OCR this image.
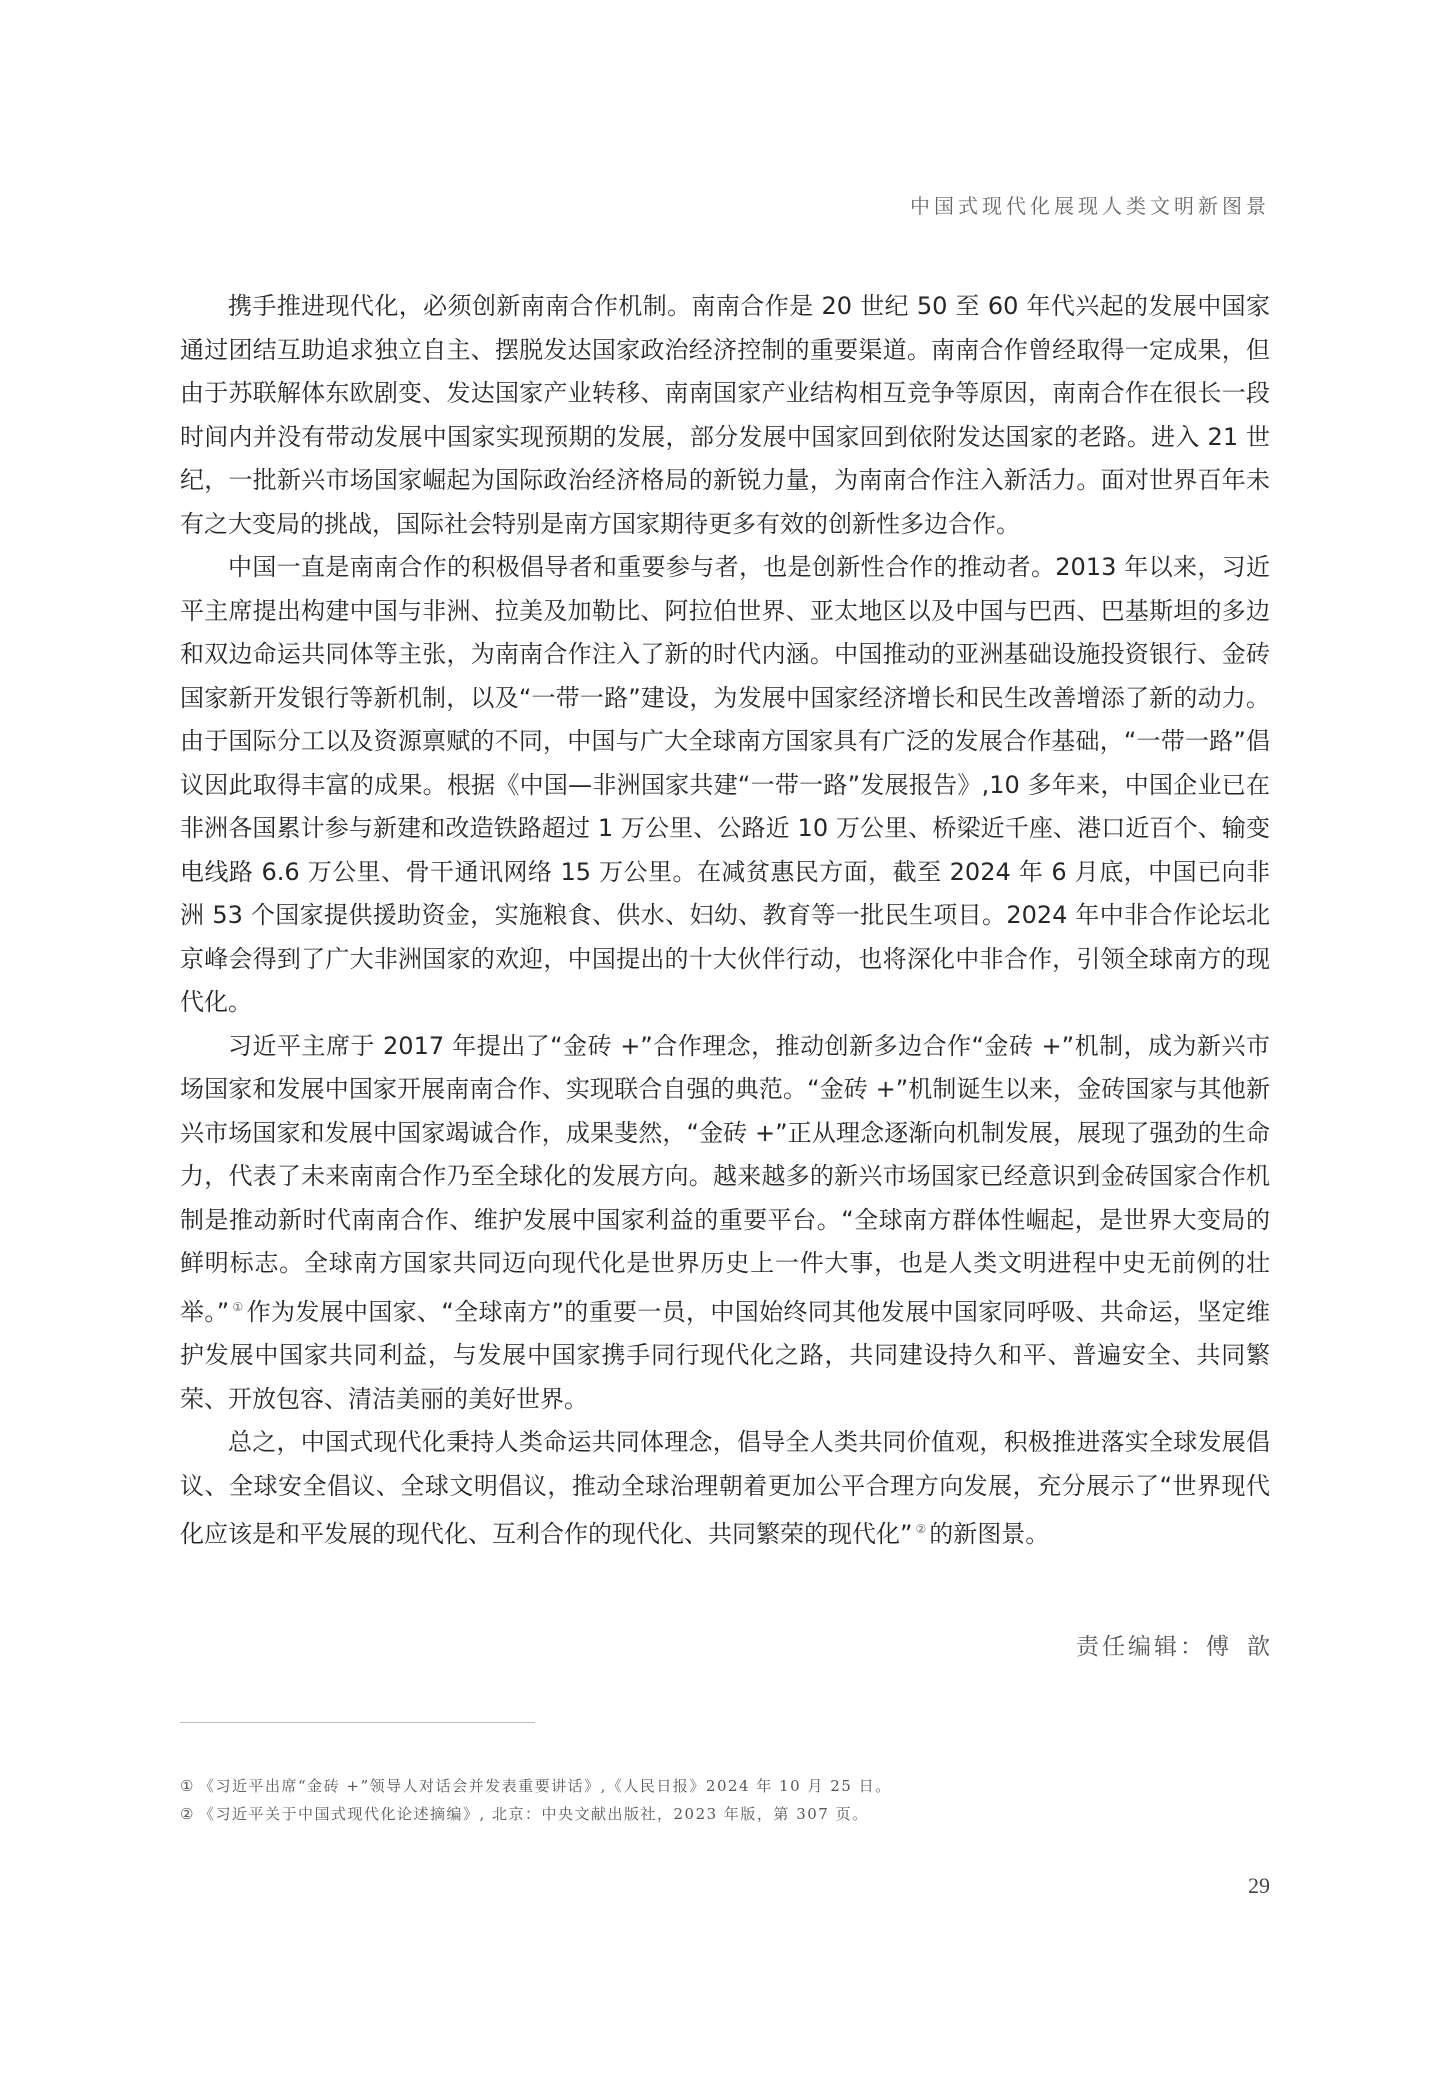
中国式现代化展现人类文明新图景

携手推进现代化，必须创新南南合作机制。南南合作是 20 世纪 50 至 60 年代兴起的发展中国家通过团结互助追求独立自主、摆脱发达国家政治经济控制的重要渠道。南南合作曾经取得一定成果，但由于苏联解体东欧剧变、发达国家产业转移、南南国家产业结构相互竞争等原因，南南合作在很长一段时间内并没有带动发展中国家实现预期的发展，部分发展中国家回到依附发达国家的老路。进入 21 世纪，一批新兴市场国家崛起为国际政治经济格局的新锐力量，为南南合作注入新活力。面对世界百年未有之大变局的挑战，国际社会特别是南方国家期待更多有效的创新性多边合作。

中国一直是南南合作的积极倡导者和重要参与者，也是创新性合作的推动者。2013 年以来，习近平主席提出构建中国与非洲、拉美及加勒比、阿拉伯世界、亚太地区以及中国与巴西、巴基斯坦的多边和双边命运共同体等主张，为南南合作注入了新的时代内涵。中国推动的亚洲基础设施投资银行、金砖国家新开发银行等新机制，以及“一带一路”建设，为发展中国家经济增长和民生改善增添了新的动力。由于国际分工以及资源禀赋的不同，中国与广大全球南方国家具有广泛的发展合作基础，“一带一路”倡议因此取得丰富的成果。根据《中国—非洲国家共建“一带一路”发展报告》,10 多年来，中国企业已在非洲各国累计参与新建和改造铁路超过 1 万公里、公路近 10 万公里、桥梁近千座、港口近百个、输变电线路 6.6 万公里、骨干通讯网络 15 万公里。在减贫惠民方面，截至 2024 年 6 月底，中国已向非洲 53 个国家提供援助资金，实施粮食、供水、妇幼、教育等一批民生项目。2024 年中非合作论坛北京峰会得到了广大非洲国家的欢迎，中国提出的十大伙伴行动，也将深化中非合作，引领全球南方的现代化。

习近平主席于 2017 年提出了“金砖 +”合作理念，推动创新多边合作“金砖 +”机制，成为新兴市场国家和发展中国家开展南南合作、实现联合自强的典范。“金砖 +”机制诞生以来，金砖国家与其他新兴市场国家和发展中国家竭诚合作，成果斐然，“金砖 +”正从理念逐渐向机制发展，展现了强劲的生命力，代表了未来南南合作乃至全球化的发展方向。越来越多的新兴市场国家已经意识到金砖国家合作机制是推动新时代南南合作、维护发展中国家利益的重要平台。“全球南方群体性崛起，是世界大变局的鲜明标志。全球南方国家共同迈向现代化是世界历史上一件大事，也是人类文明进程中史无前例的壮举。” ① 作为发展中国家、“全球南方”的重要一员，中国始终同其他发展中国家同呼吸、共命运，坚定维护发展中国家共同利益，与发展中国家携手同行现代化之路，共同建设持久和平、普遍安全、共同繁荣、开放包容、清洁美丽的美好世界。

总之，中国式现代化秉持人类命运共同体理念，倡导全人类共同价值观，积极推进落实全球发展倡议、全球安全倡议、全球文明倡议，推动全球治理朝着更加公平合理方向发展，充分展示了“世界现代化应该是和平发展的现代化、互利合作的现代化、共同繁荣的现代化” ② 的新图景。

责任编辑：傅歆

① 《习近平出席“金砖 +”领导人对话会并发表重要讲话》,《人民日报》2024 年 10 月 25 日。

② 《习近平关于中国式现代化论述摘编》, 北京：中央文献出版社，2023 年版，第 307 页。

29
